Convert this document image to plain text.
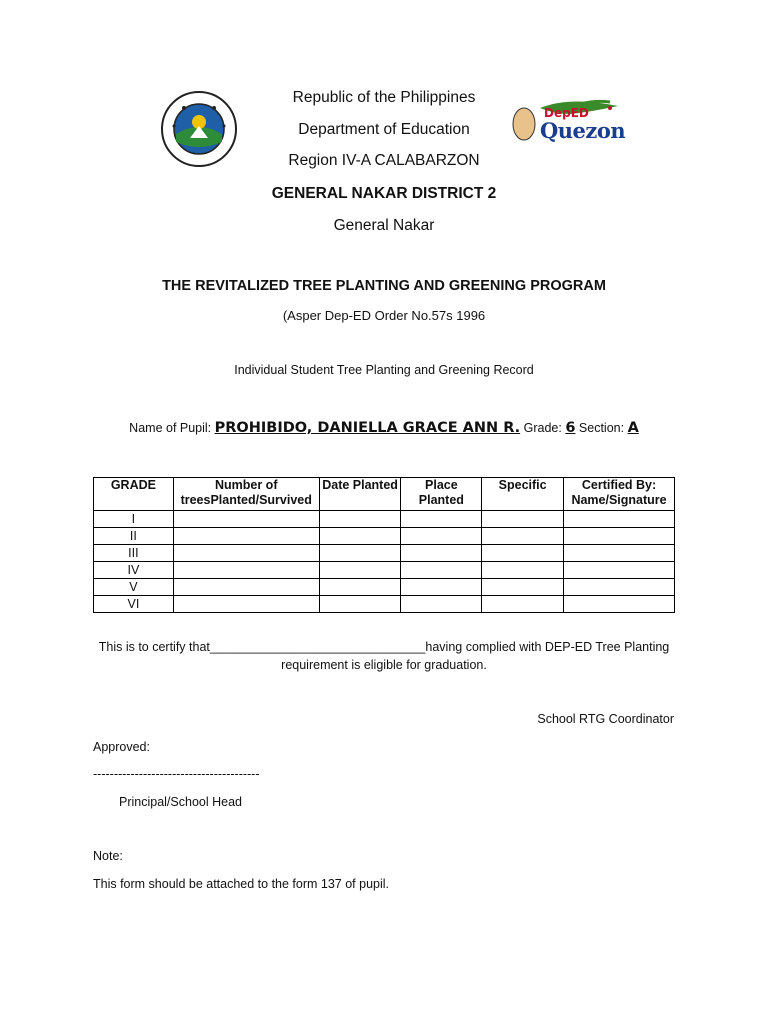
DepED
Quezon
Republic of the Philippines
Department of Education
Region IV-A CALABARZON
GENERAL NAKAR DISTRICT 2
General Nakar
THE REVITALIZED TREE PLANTING AND GREENING PROGRAM
(Asper Dep-ED Order No.57s 1996
Individual Student Tree Planting and Greening Record
Name of Pupil: PROHIBIDO, DANIELLA GRACE ANN R. Grade: 6 Section: A
GRADE	Number of treesPlanted/Survived	Date Planted	Place Planted	Specific	Certified By: Name/Signature
I					
II					
III					
IV					
V					
VI					
This is to certify that_______________________________having complied with DEP-ED Tree Planting
requirement is eligible for graduation.
School RTG Coordinator
Approved:
----------------------------------------
Principal/School Head
Note:
This form should be attached to the form 137 of pupil.
